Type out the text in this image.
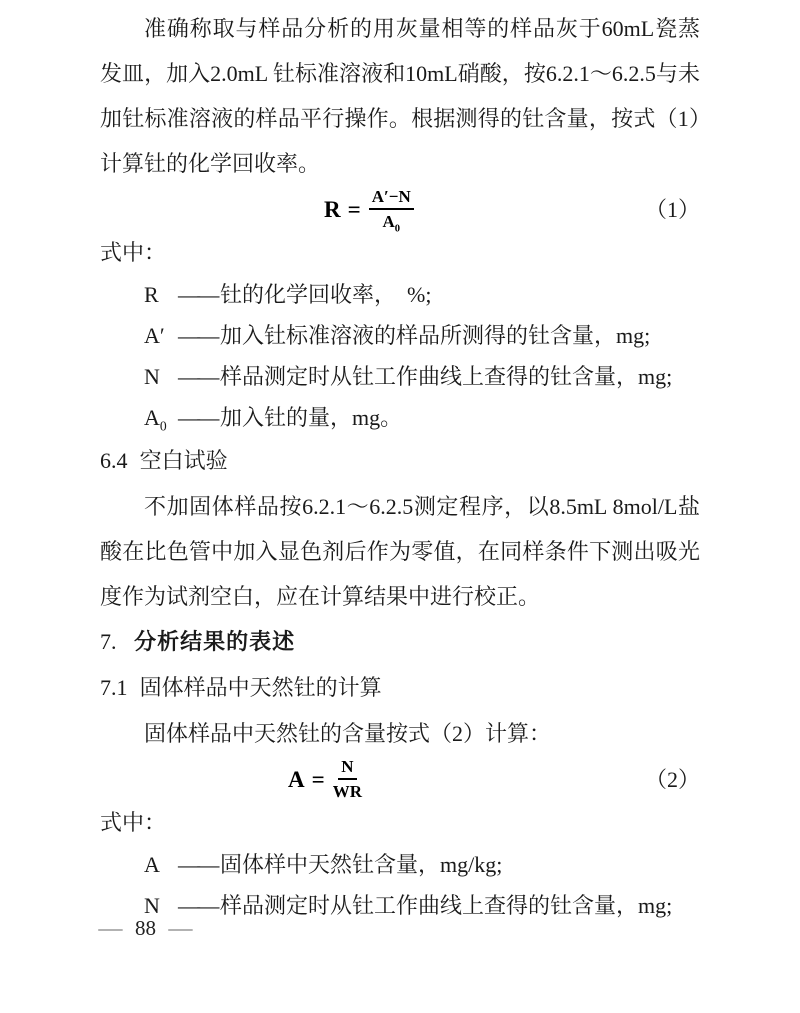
准确称取与样品分析的用灰量相等的样品灰于60mL瓷蒸发皿，加入2.0mL 钍标准溶液和10mL硝酸，按6.2.1～6.2.5与未加钍标准溶液的样品平行操作。根据测得的钍含量，按式（1）计算钍的化学回收率。

$R = \frac{A'-N}{A_0}$	（1）

式中：

R —— 钍的化学回收率，　%;

A′ —— 加入钍标准溶液的样品所测得的钍含量，mg;

N —— 样品测定时从钍工作曲线上查得的钍含量，mg;

$A_0$ —— 加入钍的量，mg。

6.4 空白试验

不加固体样品按6.2.1～6.2.5测定程序，以8.5mL 8mol/L盐酸在比色管中加入显色剂后作为零值，在同样条件下测出吸光度作为试剂空白，应在计算结果中进行校正。

7. 分析结果的表述

7.1 固体样品中天然钍的计算

固体样品中天然钍的含量按式（2）计算：

$A = \frac{N}{WR}$	（2）

式中：

A —— 固体样中天然钍含量，mg/kg;

N —— 样品测定时从钍工作曲线上查得的钍含量，mg;

— 88 —
